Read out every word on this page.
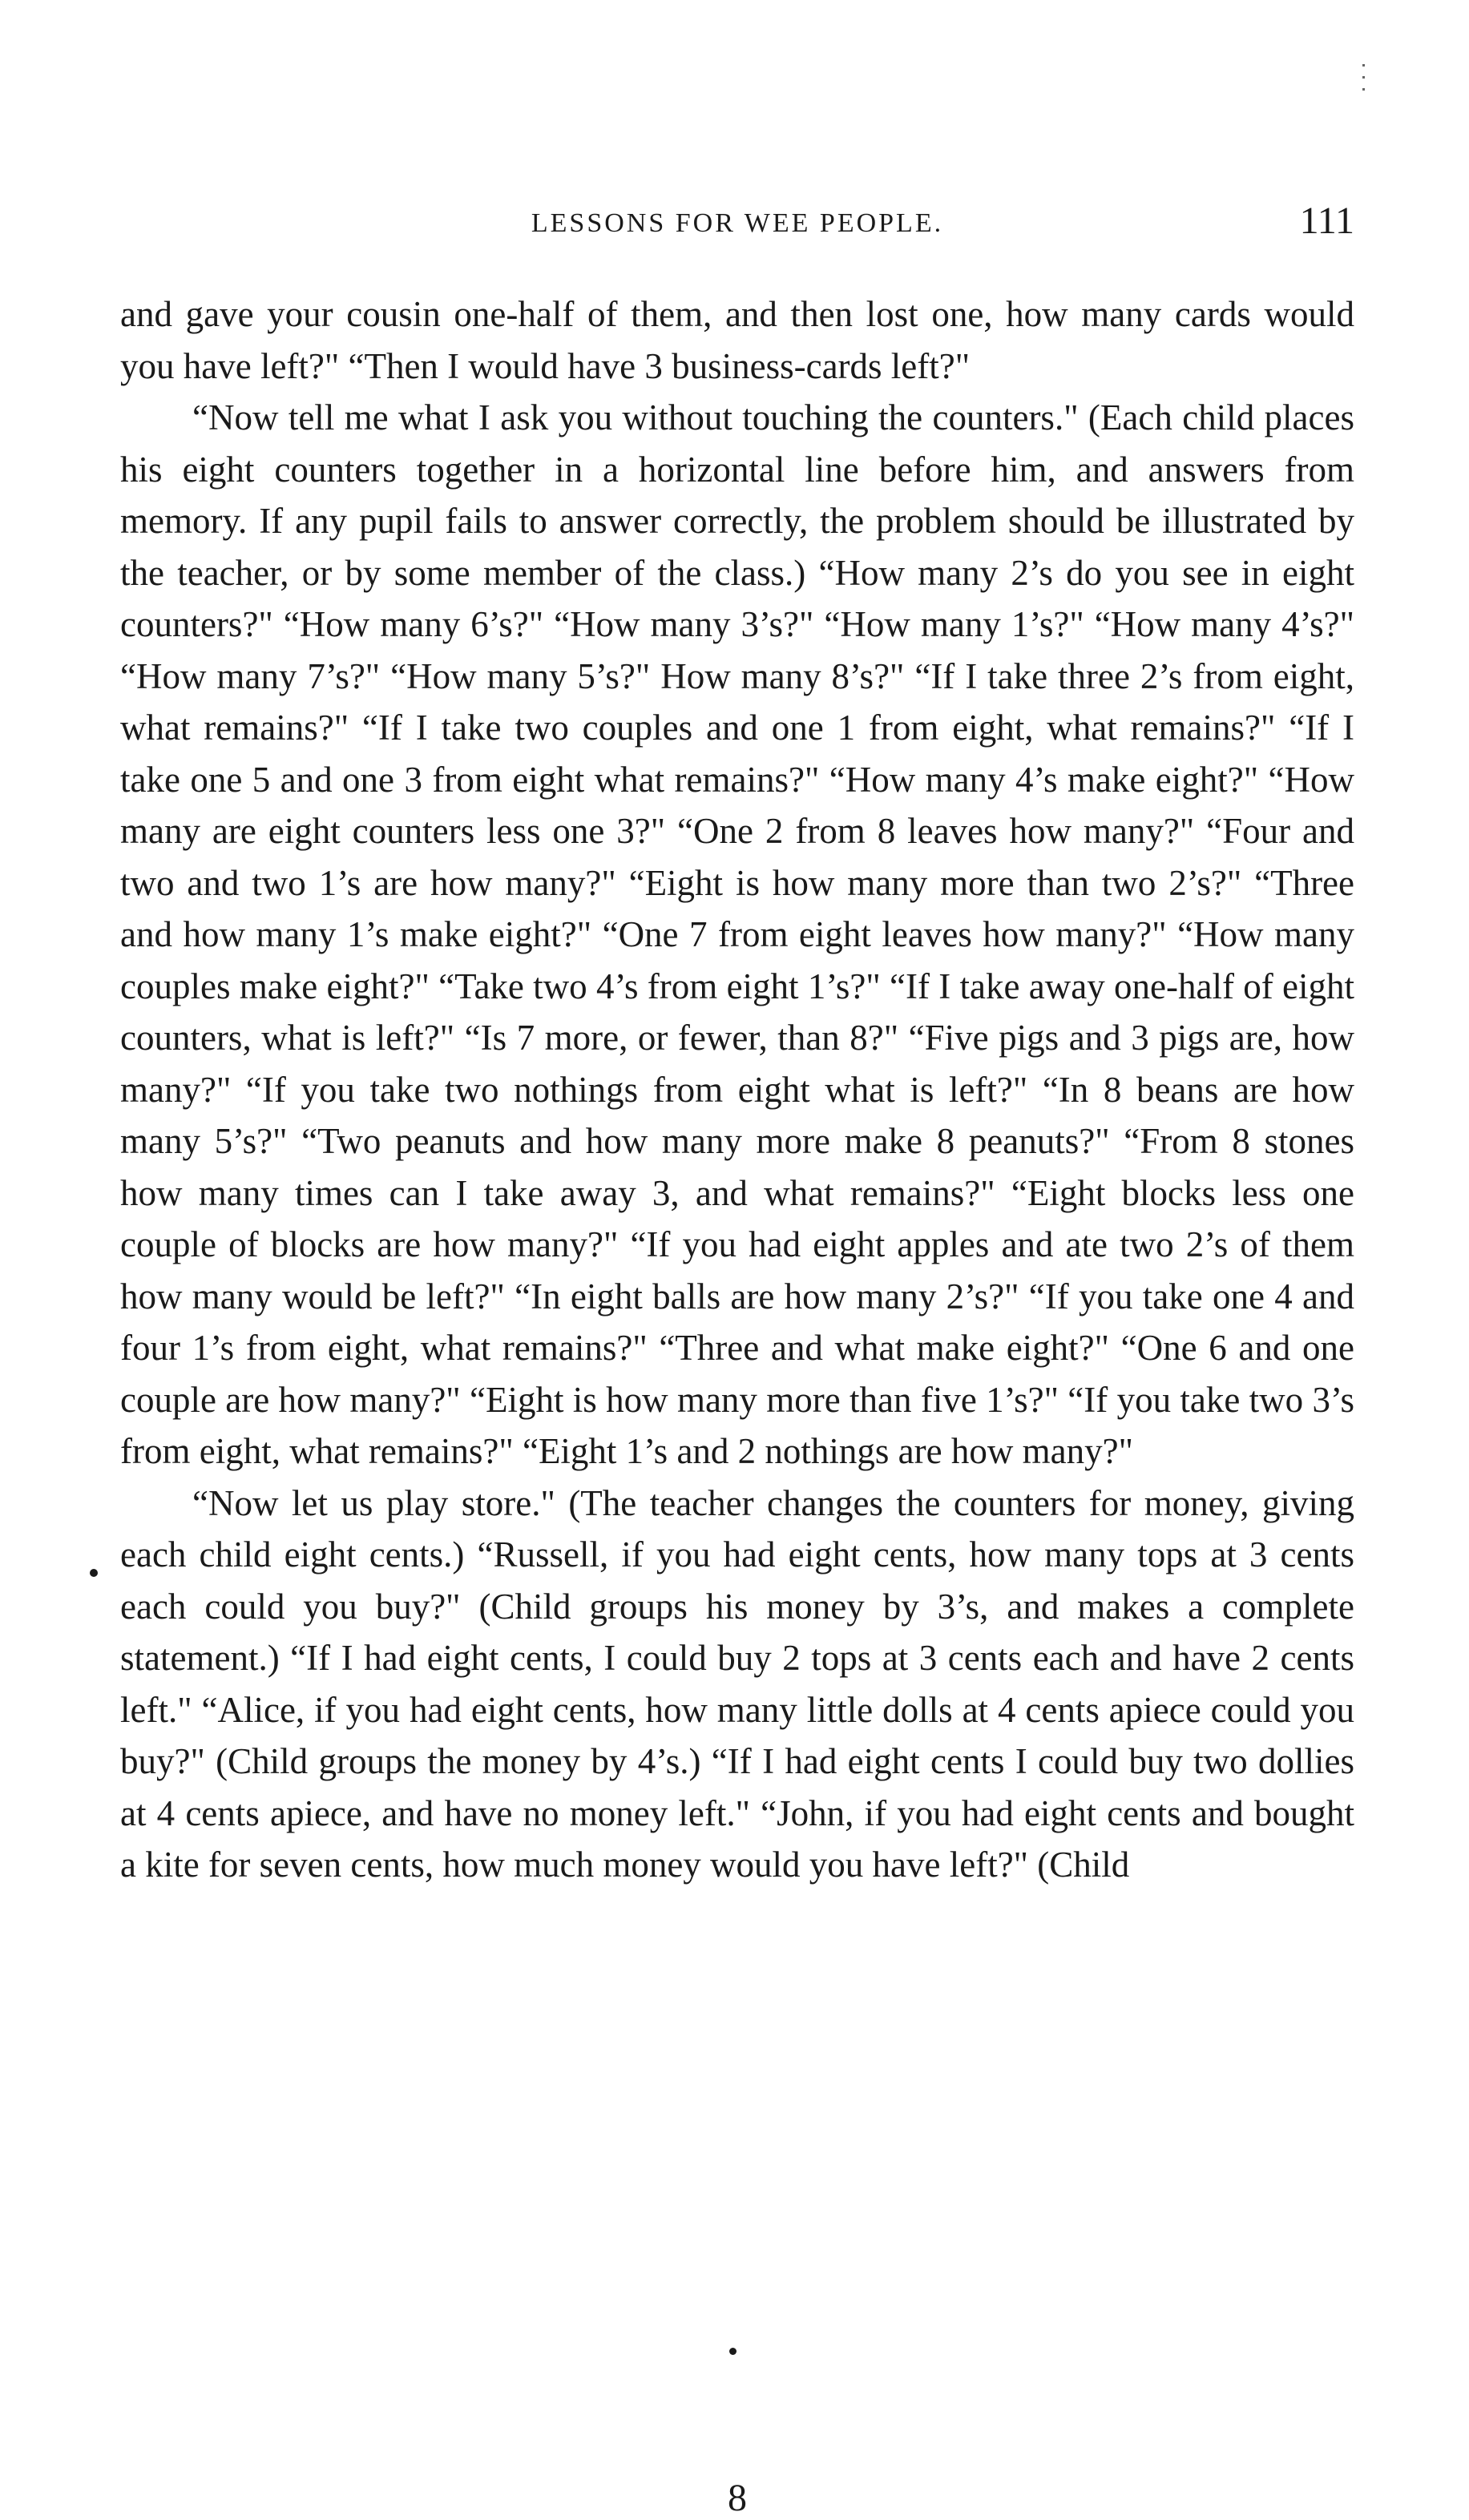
LESSONS FOR WEE PEOPLE.	111

and gave your cousin one-half of them, and then lost one, how many cards would you have left?" “Then I would have 3 business-cards left?"

“Now tell me what I ask you without touching the counters." (Each child places his eight counters together in a horizontal line before him, and answers from memory. If any pupil fails to answer correctly, the problem should be illustrated by the teacher, or by some member of the class.) “How many 2’s do you see in eight counters?" “How many 6’s?" “How many 3’s?" “How many 1’s?" “How many 4’s?" “How many 7’s?" “How many 5’s?" How many 8’s?" “If I take three 2’s from eight, what remains?" “If I take two couples and one 1 from eight, what remains?" “If I take one 5 and one 3 from eight what remains?" “How many 4’s make eight?" “How many are eight counters less one 3?" “One 2 from 8 leaves how many?" “Four and two and two 1’s are how many?" “Eight is how many more than two 2’s?" “Three and how many 1’s make eight?" “One 7 from eight leaves how many?" “How many couples make eight?" “Take two 4’s from eight 1’s?" “If I take away one-half of eight counters, what is left?" “Is 7 more, or fewer, than 8?" “Five pigs and 3 pigs are, how many?" “If you take two nothings from eight what is left?" “In 8 beans are how many 5’s?" “Two peanuts and how many more make 8 peanuts?" “From 8 stones how many times can I take away 3, and what remains?" “Eight blocks less one couple of blocks are how many?" “If you had eight apples and ate two 2’s of them how many would be left?" “In eight balls are how many 2’s?" “If you take one 4 and four 1’s from eight, what remains?" “Three and what make eight?" “One 6 and one couple are how many?" “Eight is how many more than five 1’s?" “If you take two 3’s from eight, what remains?" “Eight 1’s and 2 nothings are how many?"

“Now let us play store." (The teacher changes the counters for money, giving each child eight cents.) “Russell, if you had eight cents, how many tops at 3 cents each could you buy?" (Child groups his money by 3’s, and makes a complete statement.) “If I had eight cents, I could buy 2 tops at 3 cents each and have 2 cents left." “Alice, if you had eight cents, how many little dolls at 4 cents apiece could you buy?" (Child groups the money by 4’s.) “If I had eight cents I could buy two dollies at 4 cents apiece, and have no money left." “John, if you had eight cents and bought a kite for seven cents, how much money would you have left?" (Child

8
